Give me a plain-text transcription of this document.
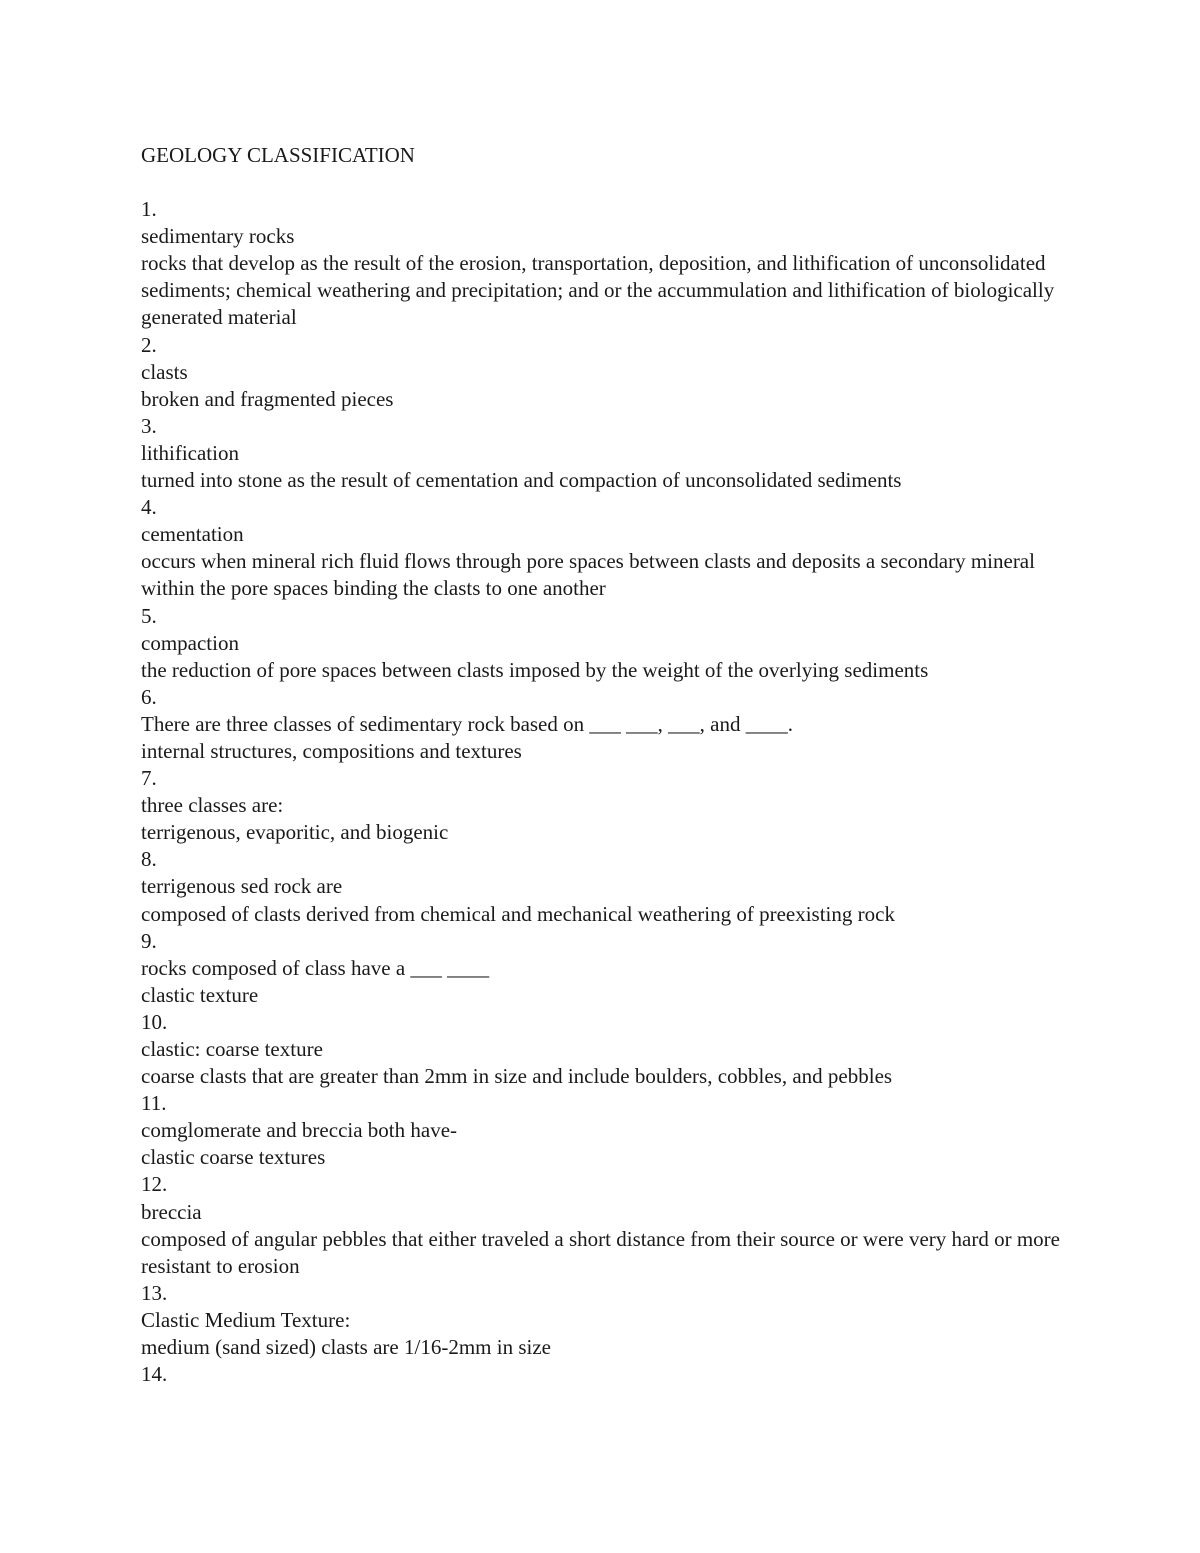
GEOLOGY CLASSIFICATION

1.

sedimentary rocks

rocks that develop as the result of the erosion, transportation, deposition, and lithification of unconsolidated sediments; chemical weathering and precipitation; and or the accummulation and lithification of biologically generated material

2.

clasts

broken and fragmented pieces

3.

lithification

turned into stone as the result of cementation and compaction of unconsolidated sediments

4.

cementation

occurs when mineral rich fluid flows through pore spaces between clasts and deposits a secondary mineral within the pore spaces binding the clasts to one another

5.

compaction

the reduction of pore spaces between clasts imposed by the weight of the overlying sediments

6.

There are three classes of sedimentary rock based on ___ ___, ___, and ____.

internal structures, compositions and textures

7.

three classes are:

terrigenous, evaporitic, and biogenic

8.

terrigenous sed rock are

composed of clasts derived from chemical and mechanical weathering of preexisting rock

9.

rocks composed of class have a ___ ____

clastic texture

10.

clastic: coarse texture

coarse clasts that are greater than 2mm in size and include boulders, cobbles, and pebbles

11.

comglomerate and breccia both have-

clastic coarse textures

12.

breccia

composed of angular pebbles that either traveled a short distance from their source or were very hard or more resistant to erosion

13.

Clastic Medium Texture:

medium (sand sized) clasts are 1/16-2mm in size

14.
